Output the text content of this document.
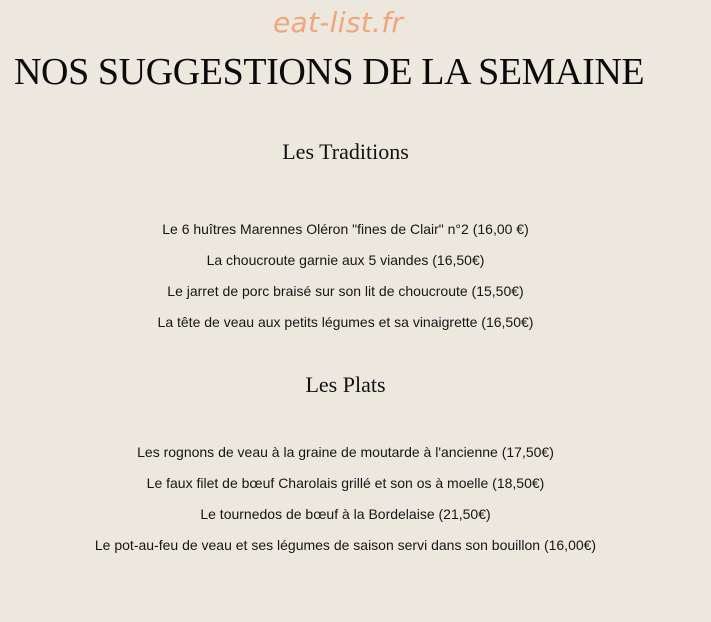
eat-list.fr
NOS SUGGESTIONS DE LA SEMAINE
Les Traditions
Le 6 huîtres Marennes Oléron "fines de Clair" n°2 (16,00 €)
La choucroute garnie aux 5 viandes (16,50€)
Le jarret de porc braisé sur son lit de choucroute (15,50€)
La tête de veau aux petits légumes et sa vinaigrette (16,50€)
Les Plats
Les rognons de veau à la graine de moutarde à l'ancienne (17,50€)
Le faux filet de bœuf Charolais grillé et son os à moelle (18,50€)
Le tournedos de bœuf à la Bordelaise (21,50€)
Le pot-au-feu de veau et ses légumes de saison servi dans son bouillon (16,00€)
